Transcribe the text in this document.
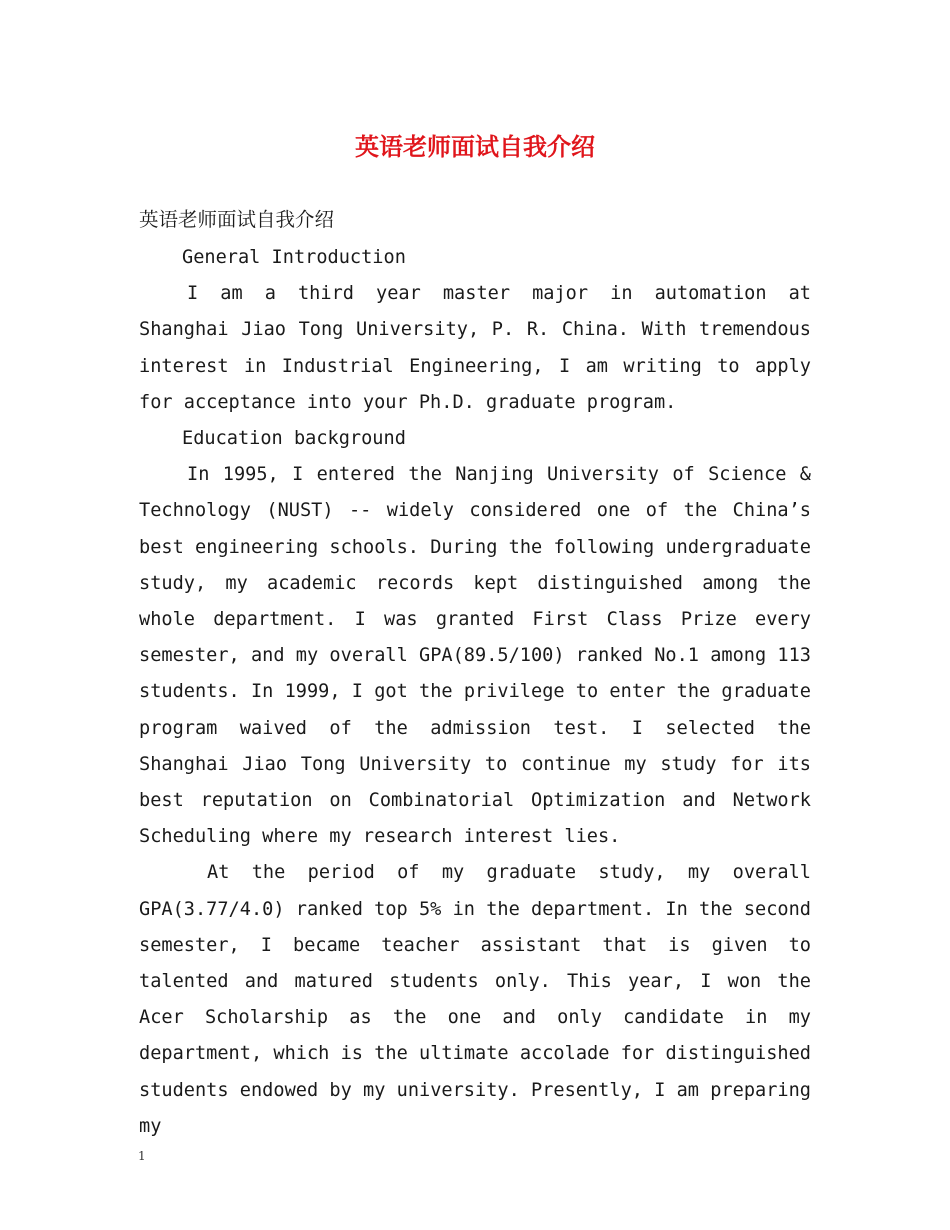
英语老师面试自我介绍

英语老师面试自我介绍

General Introduction

I am a third year master major in automation at Shanghai Jiao Tong University, P. R. China. With tremendous interest in Industrial Engineering, I am writing to apply for acceptance into your Ph.D. graduate program.

Education background

In 1995, I entered the Nanjing University of Science & Technology (NUST) -- widely considered one of the China’s best engineering schools. During the following undergraduate study, my academic records kept distinguished among the whole department. I was granted First Class Prize every semester, and my overall GPA(89.5/100) ranked No.1 among 113 students. In 1999, I got the privilege to enter the graduate program waived of the admission test. I selected the Shanghai Jiao Tong University to continue my study for its best reputation on Combinatorial Optimization and Network Scheduling where my research interest lies.

At the period of my graduate study, my overall GPA(3.77/4.0) ranked top 5% in the department. In the second semester, I became teacher assistant that is given to talented and matured students only. This year, I won the Acer Scholarship as the one and only candidate in my department, which is the ultimate accolade for distinguished students endowed by my university. Presently, I am preparing my

1
